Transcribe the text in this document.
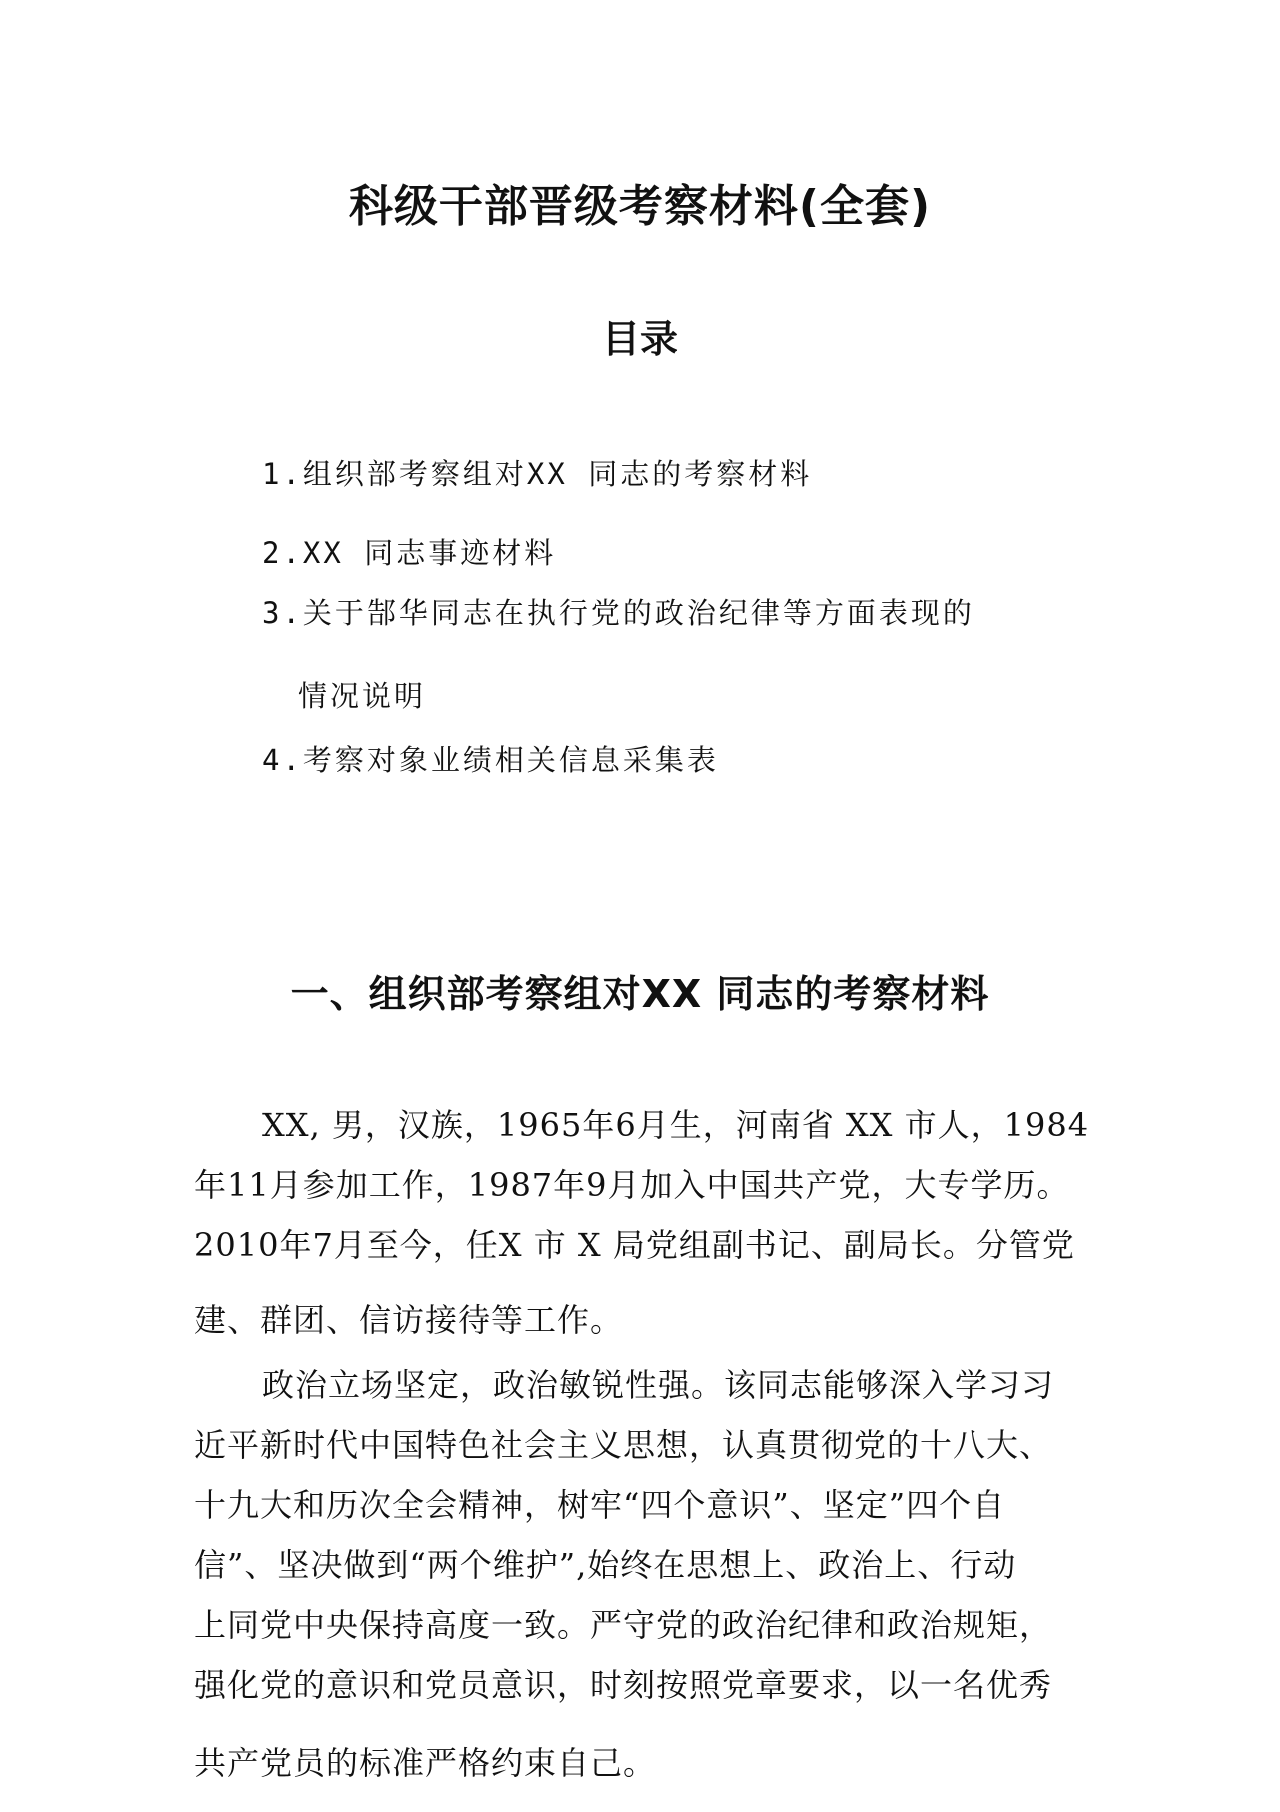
科级干部晋级考察材料(全套)
目录
1.组织部考察组对XX 同志的考察材料
2.XX 同志事迹材料
3.关于郜华同志在执行党的政治纪律等方面表现的
情况说明
4.考察对象业绩相关信息采集表
一、组织部考察组对XX 同志的考察材料
XX, 男，汉族，1965年6月生，河南省 XX 市人，1984
年11月参加工作，1987年9月加入中国共产党，大专学历。
2010年7月至今，任X 市 X 局党组副书记、副局长。分管党
建、群团、信访接待等工作。
政治立场坚定，政治敏锐性强。该同志能够深入学习习
近平新时代中国特色社会主义思想，认真贯彻党的十八大、
十九大和历次全会精神，树牢“四个意识”、坚定”四个自
信”、坚决做到“两个维护”,始终在思想上、政治上、行动
上同党中央保持高度一致。严守党的政治纪律和政治规矩，
强化党的意识和党员意识，时刻按照党章要求，以一名优秀
共产党员的标准严格约束自己。
